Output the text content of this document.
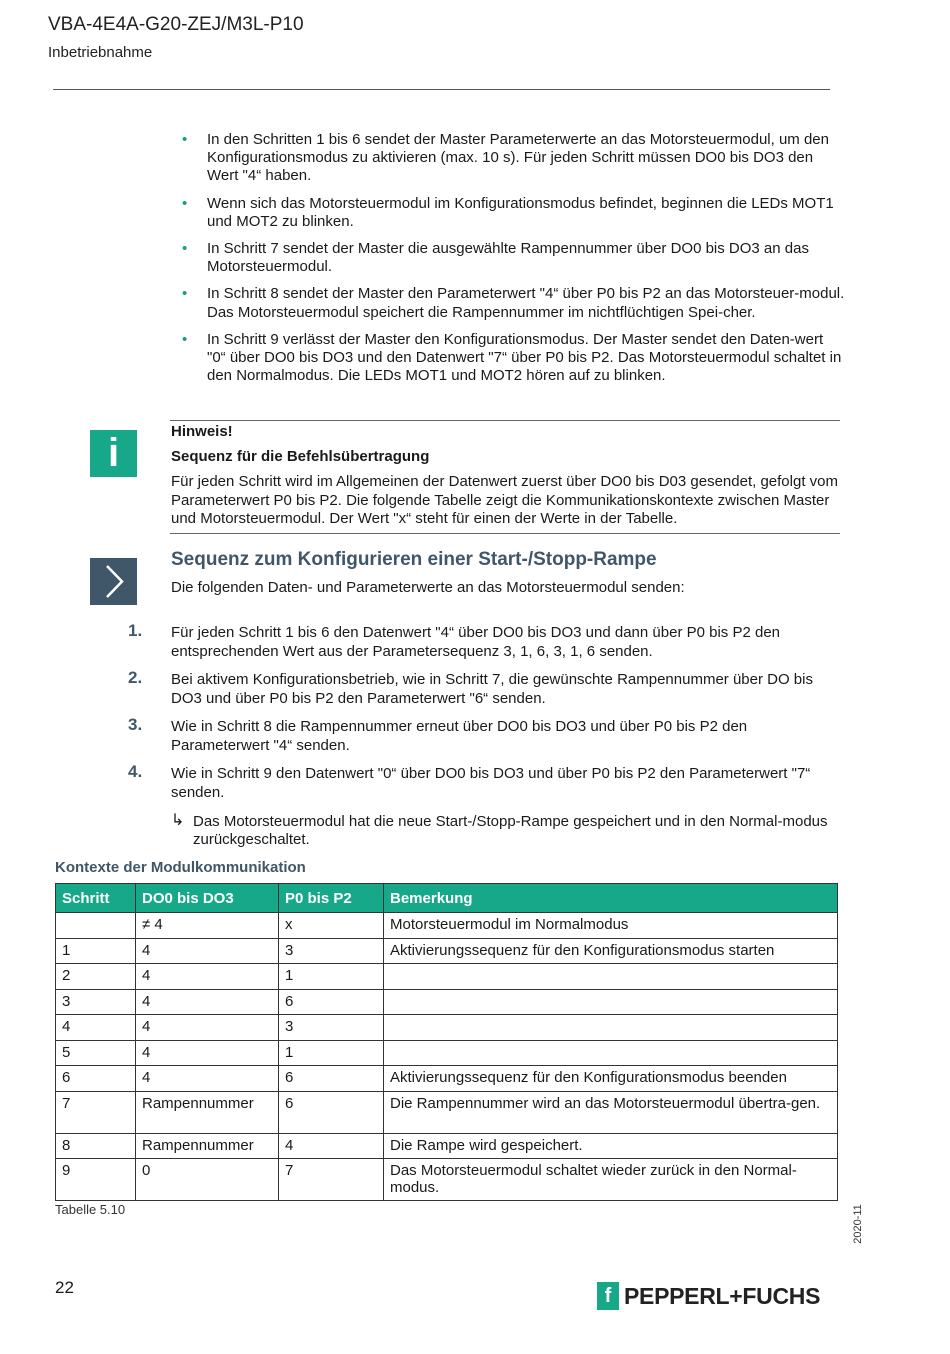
VBA-4E4A-G20-ZEJ/M3L-P10
Inbetriebnahme
• In den Schritten 1 bis 6 sendet der Master Parameterwerte an das Motorsteuermodul, um den Konfigurationsmodus zu aktivieren (max. 10 s). Für jeden Schritt müssen DO0 bis DO3 den Wert "4“ haben.
• Wenn sich das Motorsteuermodul im Konfigurationsmodus befindet, beginnen die LEDs MOT1 und MOT2 zu blinken.
• In Schritt 7 sendet der Master die ausgewählte Rampennummer über DO0 bis DO3 an das Motorsteuermodul.
• In Schritt 8 sendet der Master den Parameterwert "4“ über P0 bis P2 an das Motorsteuer-modul. Das Motorsteuermodul speichert die Rampennummer im nichtflüchtigen Spei-cher.
• In Schritt 9 verlässt der Master den Konfigurationsmodus. Der Master sendet den Daten-wert "0“ über DO0 bis DO3 und den Datenwert "7“ über P0 bis P2. Das Motorsteuermodul schaltet in den Normalmodus. Die LEDs MOT1 und MOT2 hören auf zu blinken.
i	Hinweis!
Sequenz für die Befehlsübertragung
Für jeden Schritt wird im Allgemeinen der Datenwert zuerst über DO0 bis D03 gesendet, gefolgt vom Parameterwert P0 bis P2. Die folgende Tabelle zeigt die Kommunikationskontexte zwischen Master und Motorsteuermodul. Der Wert "x“ steht für einen der Werte in der Tabelle.
Sequenz zum Konfigurieren einer Start-/Stopp-Rampe
Die folgenden Daten- und Parameterwerte an das Motorsteuermodul senden:
1. Für jeden Schritt 1 bis 6 den Datenwert "4“ über DO0 bis DO3 und dann über P0 bis P2 den entsprechenden Wert aus der Parametersequenz 3, 1, 6, 3, 1, 6 senden.
2. Bei aktivem Konfigurationsbetrieb, wie in Schritt 7, die gewünschte Rampennummer über DO bis DO3 und über P0 bis P2 den Parameterwert "6“ senden.
3. Wie in Schritt 8 die Rampennummer erneut über DO0 bis DO3 und über P0 bis P2 den Parameterwert "4“ senden.
4. Wie in Schritt 9 den Datenwert "0“ über DO0 bis DO3 und über P0 bis P2 den Parameterwert "7“ senden.
↳ Das Motorsteuermodul hat die neue Start-/Stopp-Rampe gespeichert und in den Normal-modus zurückgeschaltet.
Kontexte der Modulkommunikation
Schritt	DO0 bis DO3	P0 bis P2	Bemerkung
	≠ 4	x	Motorsteuermodul im Normalmodus
1	4	3	Aktivierungssequenz für den Konfigurationsmodus starten
2	4	1	
3	4	6	
4	4	3	
5	4	1	
6	4	6	Aktivierungssequenz für den Konfigurationsmodus beenden
7	Rampennummer	6	Die Rampennummer wird an das Motorsteuermodul übertra-gen.
8	Rampennummer	4	Die Rampe wird gespeichert.
9	0	7	Das Motorsteuermodul schaltet wieder zurück in den Normal-modus.
Tabelle 5.10	2020-11
22	f PEPPERL+FUCHS
